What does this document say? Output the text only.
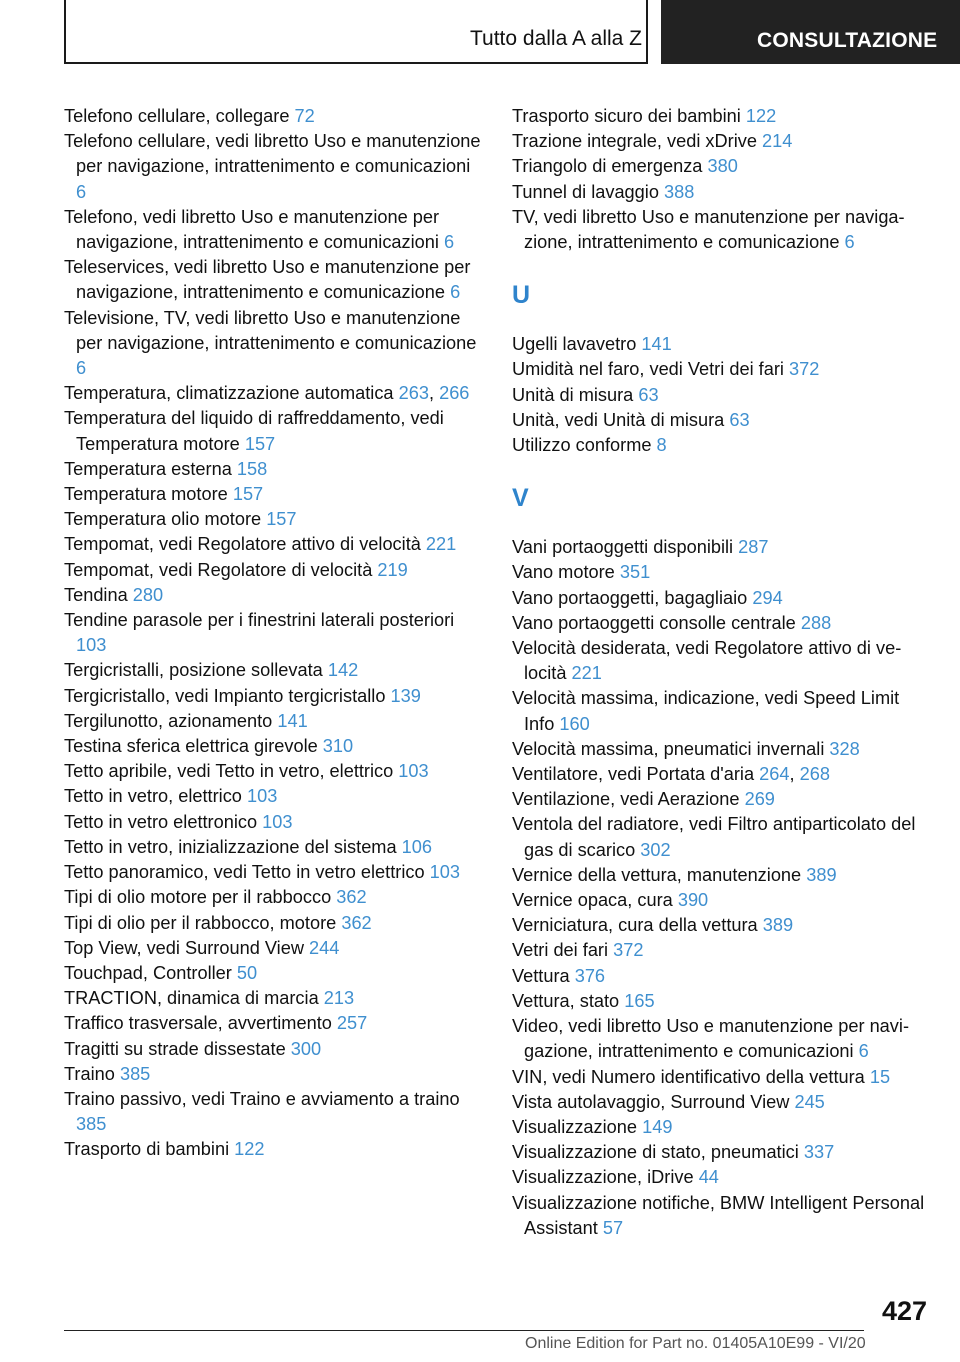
Tutto dalla A alla Z	CONSULTAZIONE
Telefono cellulare, collegare 72
Telefono cellulare, vedi libretto Uso e manutenzione per navigazione, intrattenimento e comunicazioni 6
Telefono, vedi libretto Uso e manutenzione per navigazione, intrattenimento e comunicazioni 6
Teleservices, vedi libretto Uso e manutenzione per navigazione, intrattenimento e comunicazione 6
Televisione, TV, vedi libretto Uso e manutenzione per navigazione, intrattenimento e comunicazione 6
Temperatura, climatizzazione automatica 263, 266
Temperatura del liquido di raffreddamento, vedi Temperatura motore 157
Temperatura esterna 158
Temperatura motore 157
Temperatura olio motore 157
Tempomat, vedi Regolatore attivo di velocità 221
Tempomat, vedi Regolatore di velocità 219
Tendina 280
Tendine parasole per i finestrini laterali posteriori 103
Tergicristalli, posizione sollevata 142
Tergicristallo, vedi Impianto tergicristallo 139
Tergilunotto, azionamento 141
Testina sferica elettrica girevole 310
Tetto apribile, vedi Tetto in vetro, elettrico 103
Tetto in vetro, elettrico 103
Tetto in vetro elettronico 103
Tetto in vetro, inizializzazione del sistema 106
Tetto panoramico, vedi Tetto in vetro elettrico 103
Tipi di olio motore per il rabbocco 362
Tipi di olio per il rabbocco, motore 362
Top View, vedi Surround View 244
Touchpad, Controller 50
TRACTION, dinamica di marcia 213
Traffico trasversale, avvertimento 257
Tragitti su strade dissestate 300
Traino 385
Traino passivo, vedi Traino e avviamento a traino 385
Trasporto di bambini 122
Trasporto sicuro dei bambini 122
Trazione integrale, vedi xDrive 214
Triangolo di emergenza 380
Tunnel di lavaggio 388
TV, vedi libretto Uso e manutenzione per navigazione, intrattenimento e comunicazione 6
U
Ugelli lavavetro 141
Umidità nel faro, vedi Vetri dei fari 372
Unità di misura 63
Unità, vedi Unità di misura 63
Utilizzo conforme 8
V
Vani portaoggetti disponibili 287
Vano motore 351
Vano portaoggetti, bagagliaio 294
Vano portaoggetti consolle centrale 288
Velocità desiderata, vedi Regolatore attivo di velocità 221
Velocità massima, indicazione, vedi Speed Limit Info 160
Velocità massima, pneumatici invernali 328
Ventilatore, vedi Portata d'aria 264, 268
Ventilazione, vedi Aerazione 269
Ventola del radiatore, vedi Filtro antiparticolato del gas di scarico 302
Vernice della vettura, manutenzione 389
Vernice opaca, cura 390
Verniciatura, cura della vettura 389
Vetri dei fari 372
Vettura 376
Vettura, stato 165
Video, vedi libretto Uso e manutenzione per navigazione, intrattenimento e comunicazioni 6
VIN, vedi Numero identificativo della vettura 15
Vista autolavaggio, Surround View 245
Visualizzazione 149
Visualizzazione di stato, pneumatici 337
Visualizzazione, iDrive 44
Visualizzazione notifiche, BMW Intelligent Personal Assistant 57
427
Online Edition for Part no. 01405A10E99 - VI/20
